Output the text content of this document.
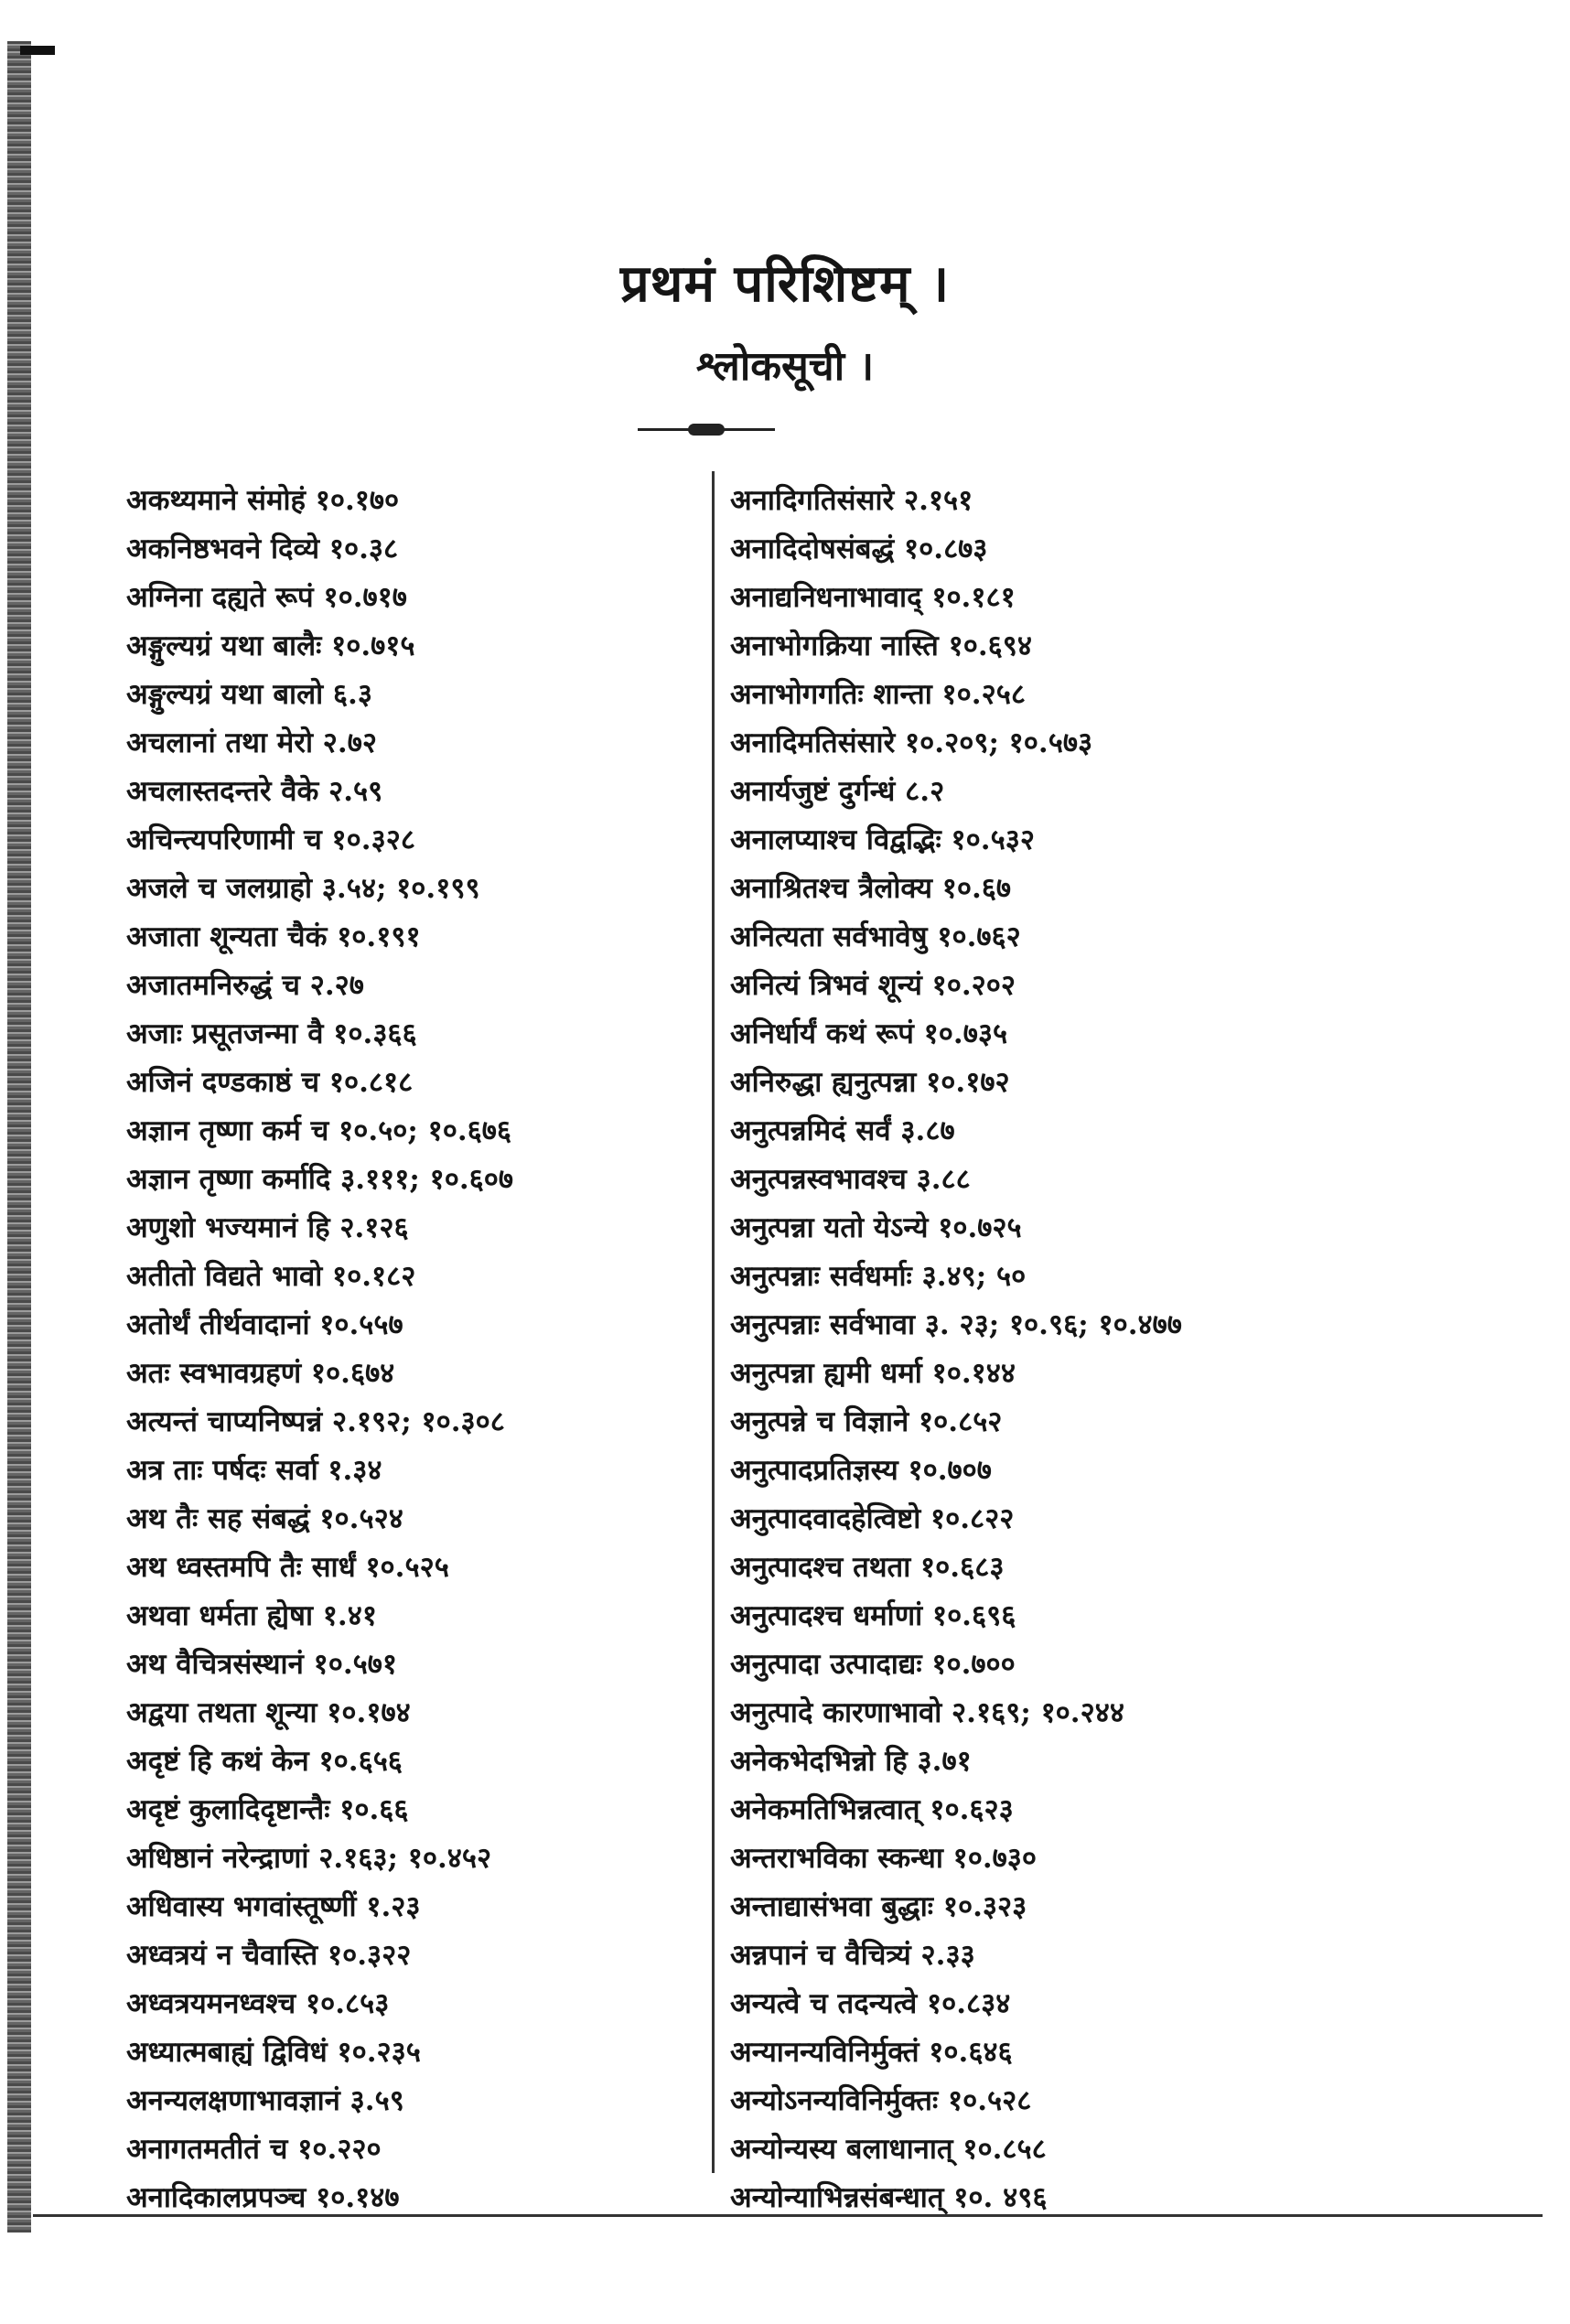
प्रथमं परिशिष्टम् ।
श्लोकसूची ।
अकथ्यमाने संमोहं १०.१७०
अकनिष्ठभवने दिव्ये १०.३८
अग्निना दह्यते रूपं १०.७१७
अङ्गुल्यग्रं यथा बालैः १०.७१५
अङ्गुल्यग्रं यथा बालो ६.३
अचलानां तथा मेरो २.७२
अचलास्तदन्तरे वैके २.५९
अचिन्त्यपरिणामी च १०.३२८
अजले च जलग्राहो ३.५४; १०.१९९
अजाता शून्यता चैकं १०.१९१
अजातमनिरुद्धं च २.२७
अजाः प्रसूतजन्मा वै १०.३६६
अजिनं दण्डकाष्ठं च १०.८१८
अज्ञान तृष्णा कर्म च १०.५०; १०.६७६
अज्ञान तृष्णा कर्मादि ३.१११; १०.६०७
अणुशो भज्यमानं हि २.१२६
अतीतो विद्यते भावो १०.१८२
अतोर्थं तीर्थवादानां १०.५५७
अतः स्वभावग्रहणं १०.६७४
अत्यन्तं चाप्यनिष्पन्नं २.१९२; १०.३०८
अत्र ताः पर्षदः सर्वा १.३४
अथ तैः सह संबद्धं १०.५२४
अथ ध्वस्तमपि तैः सार्धं १०.५२५
अथवा धर्मता ह्येषा १.४१
अथ वैचित्रसंस्थानं १०.५७१
अद्वया तथता शून्या १०.१७४
अदृष्टं हि कथं केन १०.६५६
अदृष्टं कुलादिदृष्टान्तैः १०.६६
अधिष्ठानं नरेन्द्राणां २.१६३; १०.४५२
अधिवास्य भगवांस्तूष्णीं १.२३
अध्वत्रयं न चैवास्ति १०.३२२
अध्वत्रयमनध्वश्च १०.८५३
अध्यात्मबाह्यं द्विविधं १०.२३५
अनन्यलक्षणाभावज्ञानं ३.५९
अनागतमतीतं च १०.२२०
अनादिकालप्रपञ्च १०.१४७
अनादिगतिसंसारे २.१५१
अनादिदोषसंबद्धं १०.८७३
अनाद्यनिधनाभावाद् १०.१८१
अनाभोगक्रिया नास्ति १०.६९४
अनाभोगगतिः शान्ता १०.२५८
अनादिमतिसंसारे १०.२०९; १०.५७३
अनार्यजुष्टं दुर्गन्धं ८.२
अनालप्याश्च विद्वद्भिः १०.५३२
अनाश्रितश्च त्रैलोक्य १०.६७
अनित्यता सर्वभावेषु १०.७६२
अनित्यं त्रिभवं शून्यं १०.२०२
अनिर्धार्यं कथं रूपं १०.७३५
अनिरुद्धा ह्यनुत्पन्ना १०.१७२
अनुत्पन्नमिदं सर्वं ३.८७
अनुत्पन्नस्वभावश्च ३.८८
अनुत्पन्ना यतो येऽन्ये १०.७२५
अनुत्पन्नाः सर्वधर्माः ३.४९; ५०
अनुत्पन्नाः सर्वभावा ३. २३; १०.९६; १०.४७७
अनुत्पन्ना ह्यमी धर्मा १०.१४४
अनुत्पन्ने च विज्ञाने १०.८५२
अनुत्पादप्रतिज्ञस्य १०.७०७
अनुत्पादवादहेत्विष्टो १०.८२२
अनुत्पादश्च तथता १०.६८३
अनुत्पादश्च धर्माणां १०.६९६
अनुत्पादा उत्पादाद्यः १०.७००
अनुत्पादे कारणाभावो २.१६९; १०.२४४
अनेकभेदभिन्नो हि ३.७१
अनेकमतिभिन्नत्वात् १०.६२३
अन्तराभविका स्कन्धा १०.७३०
अन्ताद्यासंभवा बुद्धाः १०.३२३
अन्नपानं च वैचित्र्यं २.३३
अन्यत्वे च तदन्यत्वे १०.८३४
अन्यानन्यविनिर्मुक्तं १०.६४६
अन्योऽनन्यविनिर्मुक्तः १०.५२८
अन्योन्यस्य बलाधानात् १०.८५८
अन्योन्याभिन्नसंबन्धात् १०. ४९६
